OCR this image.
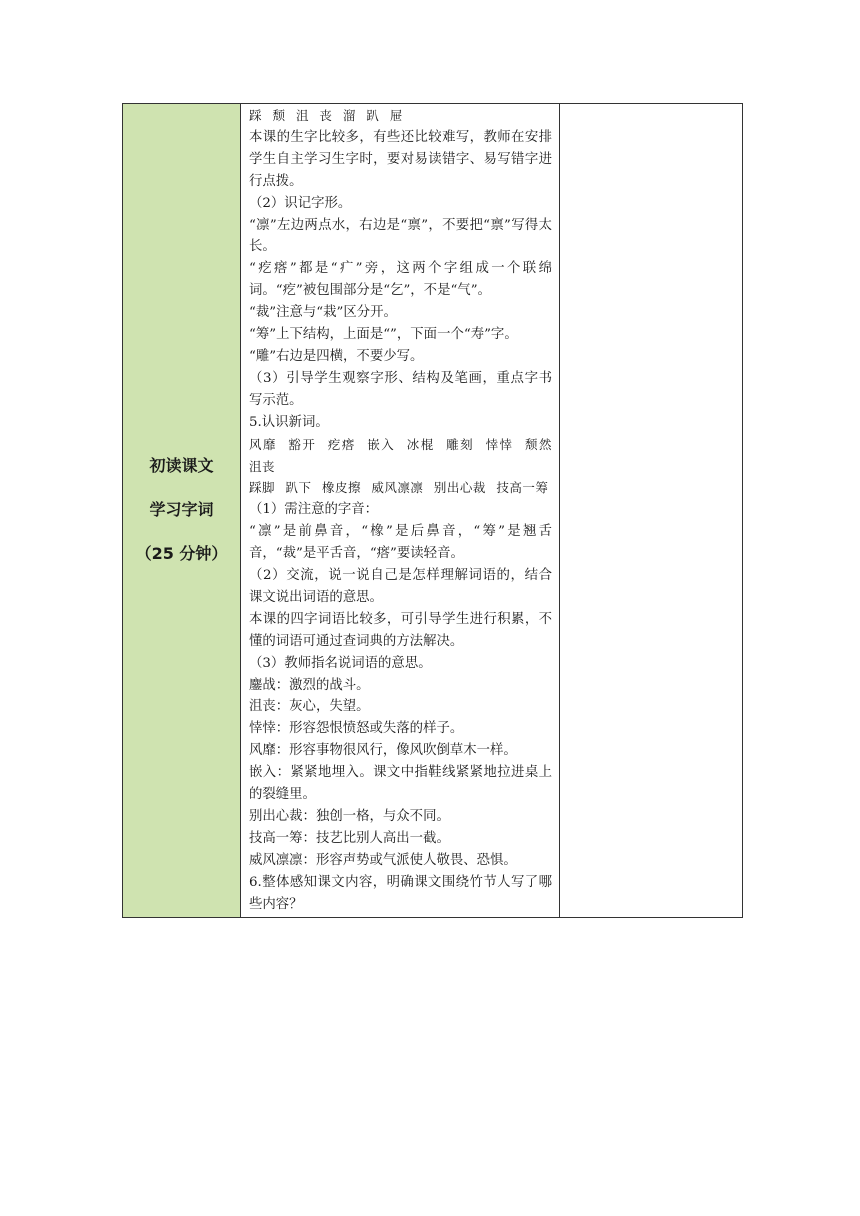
初读课文
学习字词
（25 分钟）

踩 颓 沮 丧 溜 趴 屉

本课的生字比较多，有些还比较难写，教师在安排学生自主学习生字时，要对易读错字、易写错字进行点拨。

（2）识记字形。

“凛”左边两点水，右边是“禀”，不要把“禀”写得太长。

“疙瘩”都是“疒”旁，这两个字组成一个联绵词。“疙”被包围部分是“乞”，不是“气”。

“裁”注意与“栽”区分开。

“筹”上下结构，上面是“”，下面一个“寿”字。

“雕”右边是四横，不要少写。

（3）引导学生观察字形、结构及笔画，重点字书写示范。

5.认识新词。

风靡 豁开 疙瘩 嵌入 冰棍 雕刻 悻悻 颓然 沮丧

踩脚 趴下 橡皮擦 威风凛凛 别出心裁 技高一筹

（1）需注意的字音：

“凛”是前鼻音，“橡”是后鼻音，“筹”是翘舌音，“裁”是平舌音，“瘩”要读轻音。

（2）交流，说一说自己是怎样理解词语的，结合课文说出词语的意思。

本课的四字词语比较多，可引导学生进行积累，不懂的词语可通过查词典的方法解决。

（3）教师指名说词语的意思。

鏖战：激烈的战斗。

沮丧：灰心，失望。

悻悻：形容怨恨愤怒或失落的样子。

风靡：形容事物很风行，像风吹倒草木一样。

嵌入：紧紧地埋入。课文中指鞋线紧紧地拉进桌上的裂缝里。

别出心裁：独创一格，与众不同。

技高一筹：技艺比别人高出一截。

威风凛凛：形容声势或气派使人敬畏、恐惧。

6.整体感知课文内容，明确课文围绕竹节人写了哪些内容？
